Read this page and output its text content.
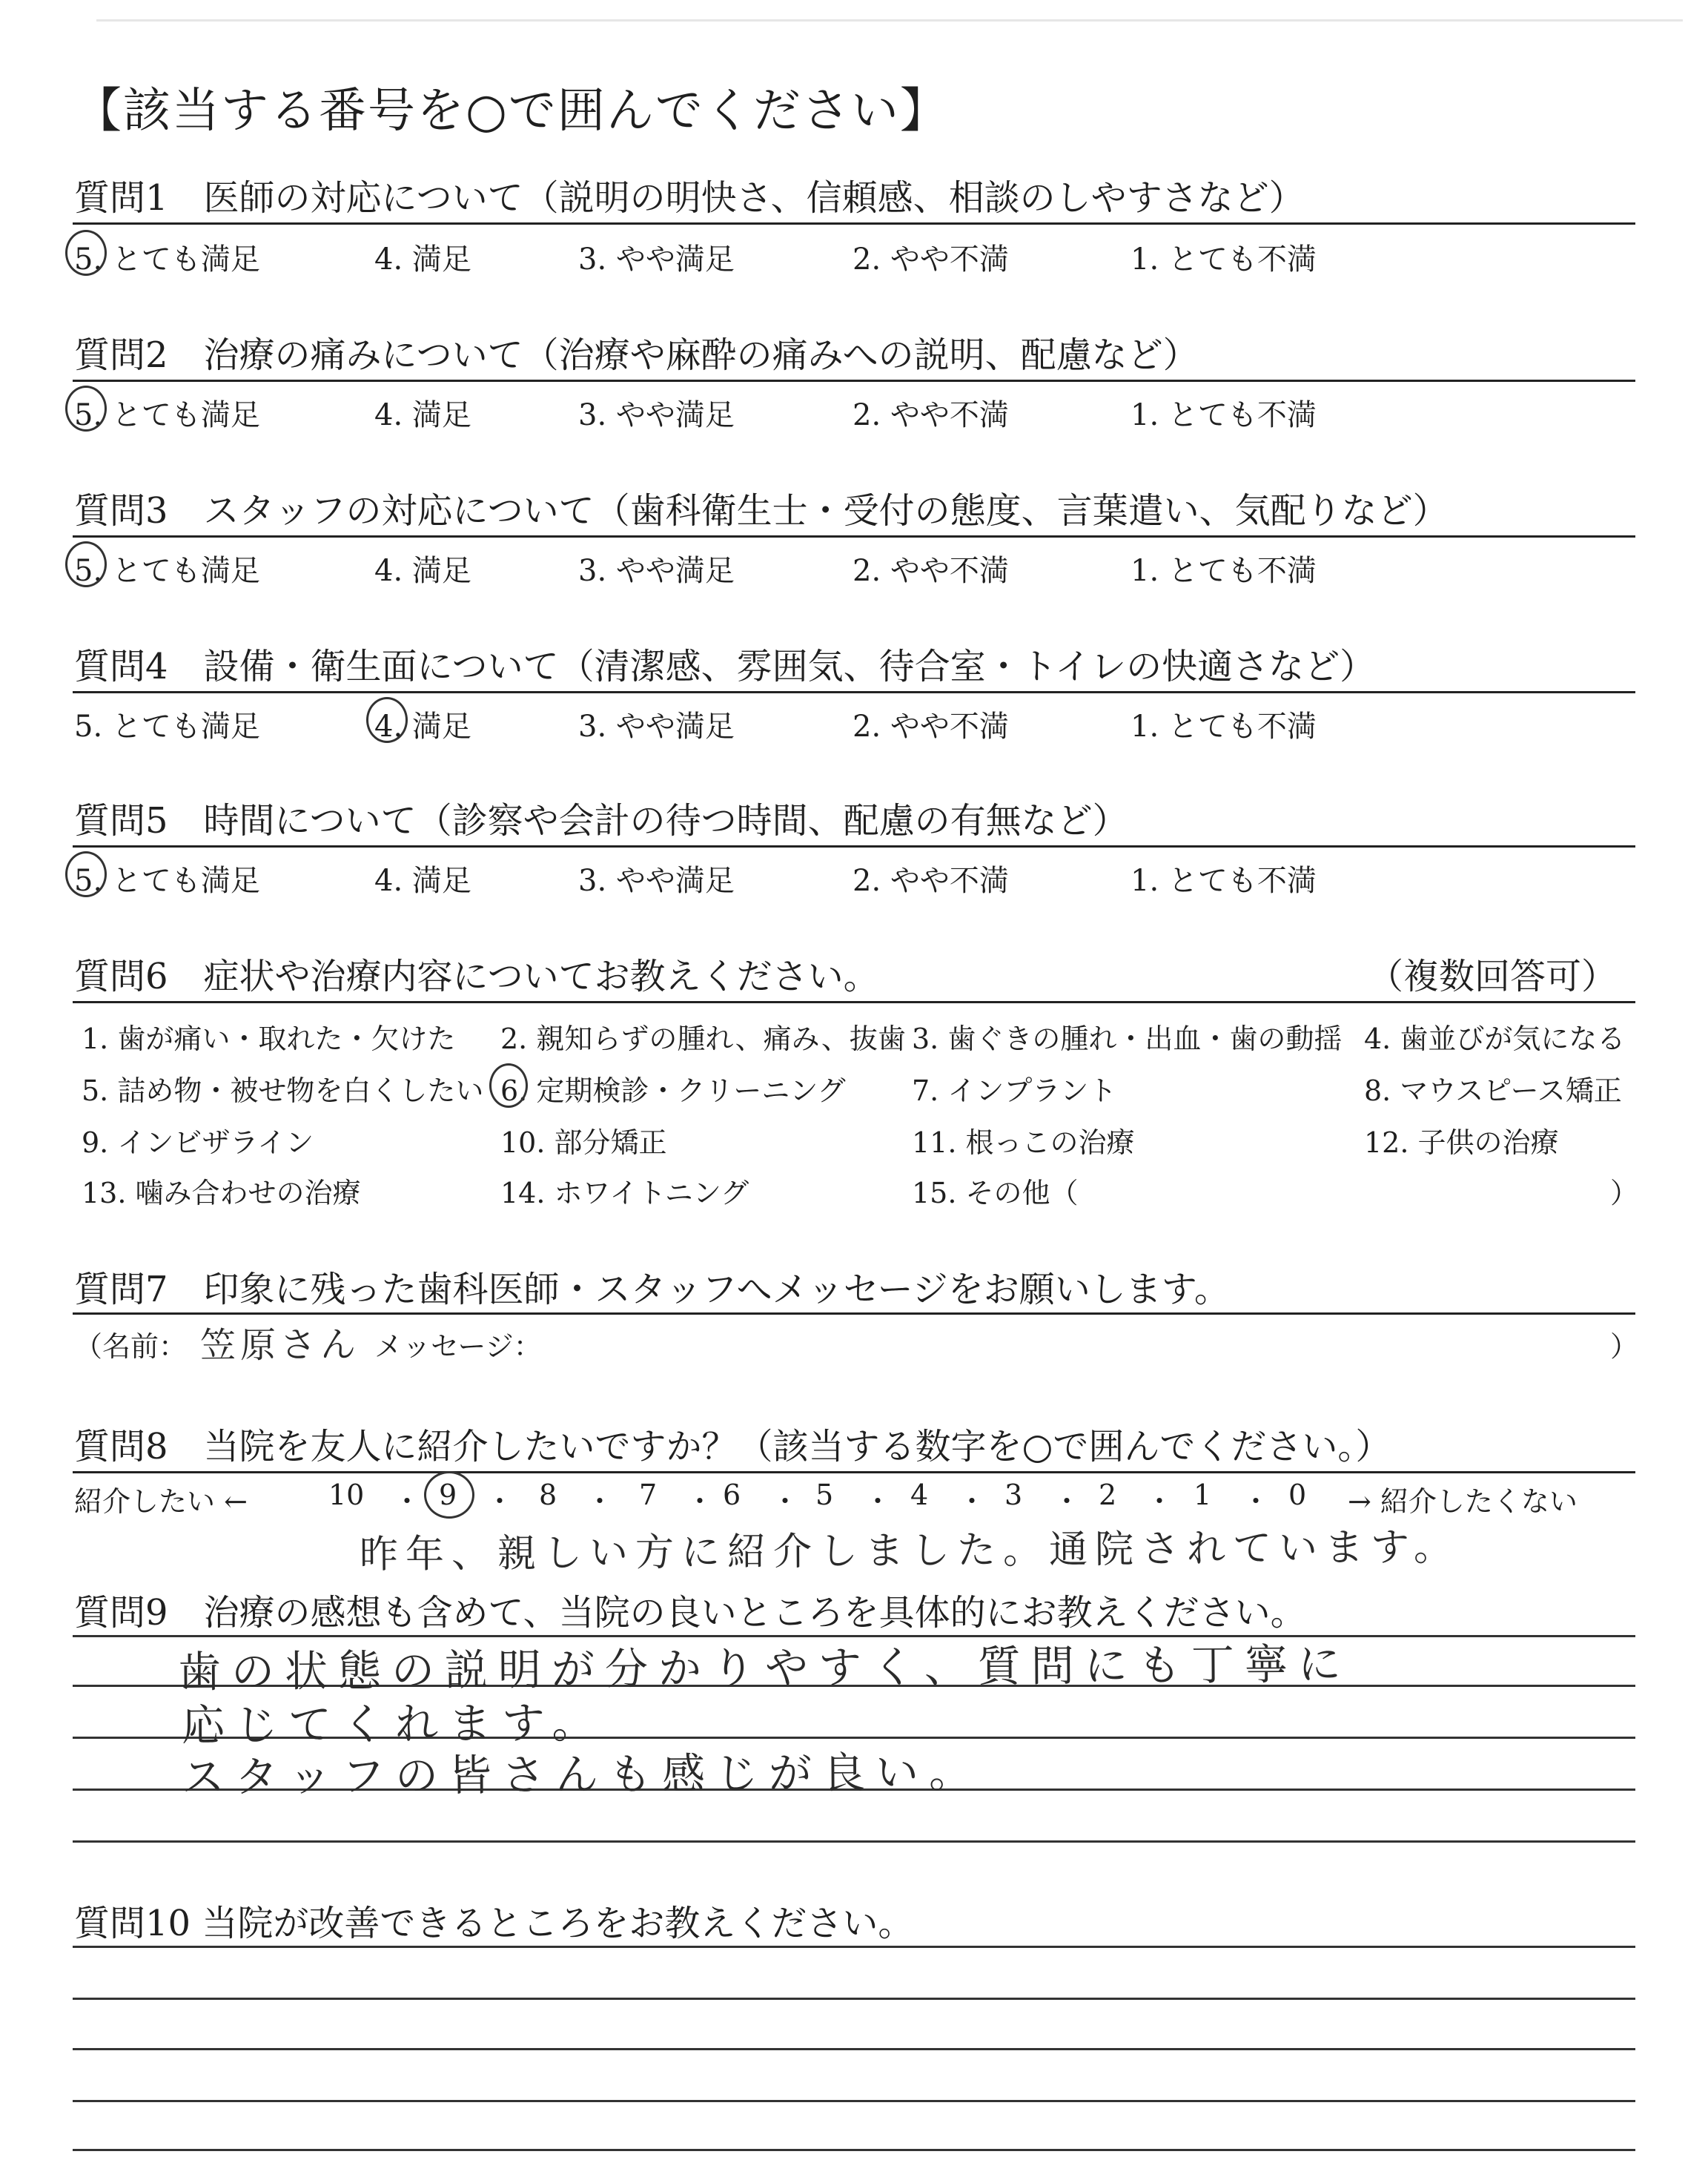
【該当する番号を○で囲んでください】
質問1　医師の対応について（説明の明快さ、信頼感、相談のしやすさなど）
5. とても満足	4. 満足	3. やや満足	2. やや不満	1. とても不満
質問2　治療の痛みについて（治療や麻酔の痛みへの説明、配慮など）
5. とても満足	4. 満足	3. やや満足	2. やや不満	1. とても不満
質問3　スタッフの対応について（歯科衛生士・受付の態度、言葉遣い、気配りなど）
5. とても満足	4. 満足	3. やや満足	2. やや不満	1. とても不満
質問4　設備・衛生面について（清潔感、雰囲気、待合室・トイレの快適さなど）
5. とても満足	4. 満足	3. やや満足	2. やや不満	1. とても不満
質問5　時間について（診察や会計の待つ時間、配慮の有無など）
5. とても満足	4. 満足	3. やや満足	2. やや不満	1. とても不満
質問6　症状や治療内容についてお教えください。	（複数回答可）
1. 歯が痛い・取れた・欠けた 2. 親知らずの腫れ、痛み、抜歯 3. 歯ぐきの腫れ・出血・歯の動揺 4. 歯並びが気になる
5. 詰め物・被せ物を白くしたい 6. 定期検診・クリーニング 7. インプラント	8. マウスピース矯正
9. インビザライン	10. 部分矯正	11. 根っこの治療	12. 子供の治療
13. 噛み合わせの治療	14. ホワイトニング	15. その他（	）
質問7　印象に残った歯科医師・スタッフへメッセージをお願いします。
（名前： 笠原さん メッセージ：	）
質問8　当院を友人に紹介したいですか？（該当する数字を○で囲んでください。）
紹介したい ←	10 ・ 9 ・ 8 ・ 7 ・ 6 ・ 5 ・ 4 ・ 3 ・ 2 ・ 1 ・ 0 → 紹介したくない
昨年、親しい方に紹介しました。通院されています。
質問9　治療の感想も含めて、当院の良いところを具体的にお教えください。
歯の状態の説明が分かりやすく、質問にも丁寧に
応じてくれます。
スタッフの皆さんも感じが良い。
質問10 当院が改善できるところをお教えください。
